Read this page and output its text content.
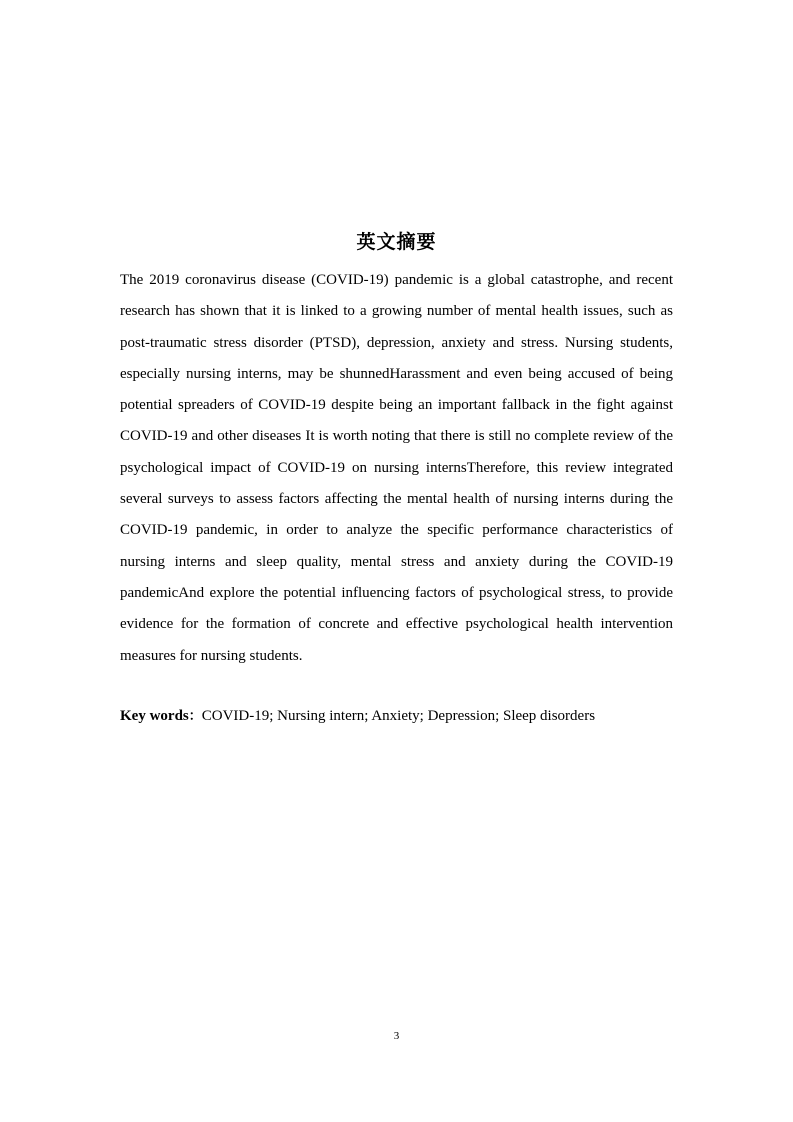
英文摘要

The 2019 coronavirus disease (COVID-19) pandemic is a global catastrophe, and recent research has shown that it is linked to a growing number of mental health issues, such as post-traumatic stress disorder (PTSD), depression, anxiety and stress. Nursing students, especially nursing interns, may be shunnedHarassment and even being accused of being potential spreaders of COVID-19 despite being an important fallback in the fight against COVID-19 and other diseases It is worth noting that there is still no complete review of the psychological impact of COVID-19 on nursing internsTherefore, this review integrated several surveys to assess factors affecting the mental health of nursing interns during the COVID-19 pandemic, in order to analyze the specific performance characteristics of nursing interns and sleep quality, mental stress and anxiety during the COVID-19 pandemicAnd explore the potential influencing factors of psychological stress, to provide evidence for the formation of concrete and effective psychological health intervention measures for nursing students.

Key words：COVID-19; Nursing intern; Anxiety; Depression; Sleep disorders

3
